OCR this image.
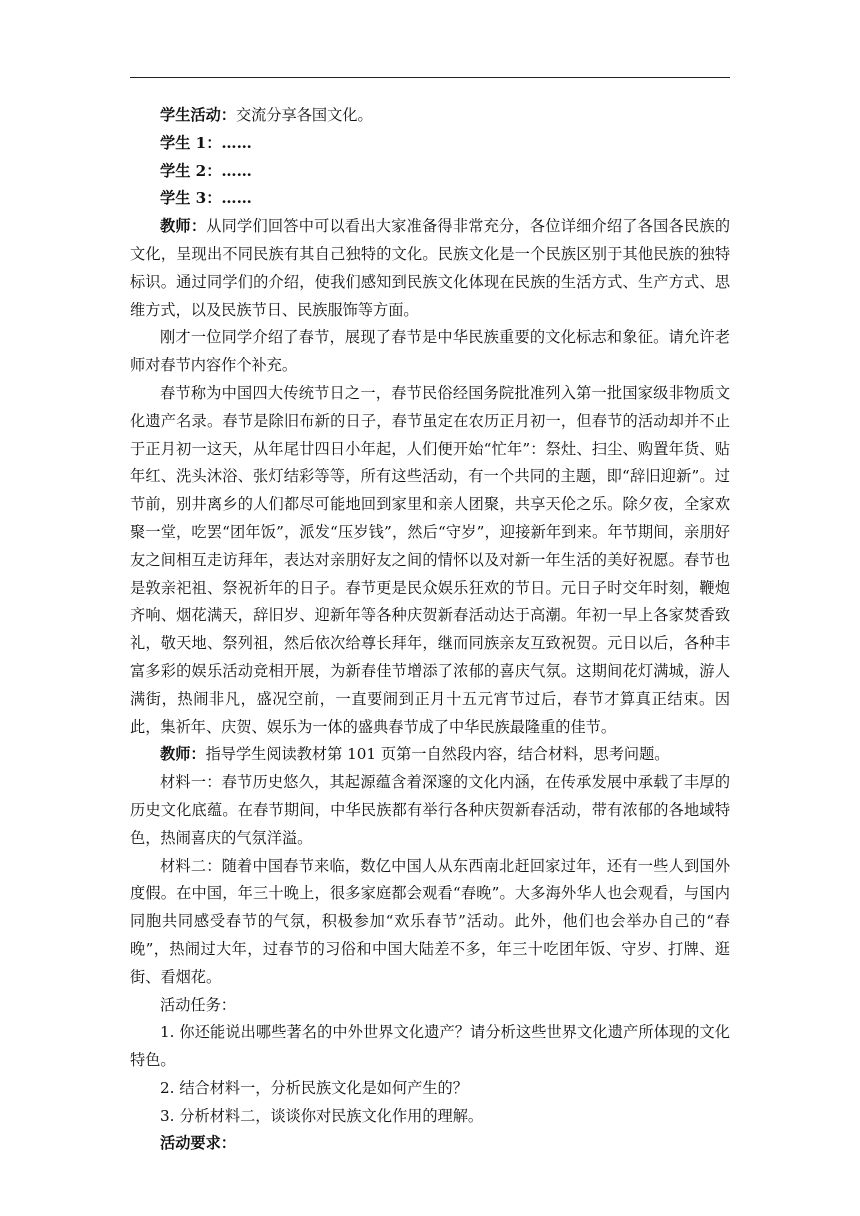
学生活动：交流分享各国文化。

学生 1：……

学生 2：……

学生 3：……

教师：从同学们回答中可以看出大家准备得非常充分，各位详细介绍了各国各民族的文化，呈现出不同民族有其自己独特的文化。民族文化是一个民族区别于其他民族的独特标识。通过同学们的介绍，使我们感知到民族文化体现在民族的生活方式、生产方式、思维方式，以及民族节日、民族服饰等方面。

刚才一位同学介绍了春节，展现了春节是中华民族重要的文化标志和象征。请允许老师对春节内容作个补充。

春节称为中国四大传统节日之一，春节民俗经国务院批准列入第一批国家级非物质文化遗产名录。春节是除旧布新的日子，春节虽定在农历正月初一，但春节的活动却并不止于正月初一这天，从年尾廿四日小年起，人们便开始“忙年”：祭灶、扫尘、购置年货、贴年红、洗头沐浴、张灯结彩等等，所有这些活动，有一个共同的主题，即“辞旧迎新”。过节前，别井离乡的人们都尽可能地回到家里和亲人团聚，共享天伦之乐。除夕夜，全家欢聚一堂，吃罢“团年饭”，派发“压岁钱”，然后“守岁”，迎接新年到来。年节期间，亲朋好友之间相互走访拜年，表达对亲朋好友之间的情怀以及对新一年生活的美好祝愿。春节也是敦亲祀祖、祭祝祈年的日子。春节更是民众娱乐狂欢的节日。元日子时交年时刻，鞭炮齐响、烟花满天，辞旧岁、迎新年等各种庆贺新春活动达于高潮。年初一早上各家焚香致礼，敬天地、祭列祖，然后依次给尊长拜年，继而同族亲友互致祝贺。元日以后，各种丰富多彩的娱乐活动竞相开展，为新春佳节增添了浓郁的喜庆气氛。这期间花灯满城，游人满街，热闹非凡，盛况空前，一直要闹到正月十五元宵节过后，春节才算真正结束。因此，集祈年、庆贺、娱乐为一体的盛典春节成了中华民族最隆重的佳节。

教师：指导学生阅读教材第 101 页第一自然段内容，结合材料，思考问题。

材料一：春节历史悠久，其起源蕴含着深邃的文化内涵，在传承发展中承载了丰厚的历史文化底蕴。在春节期间，中华民族都有举行各种庆贺新春活动，带有浓郁的各地域特色，热闹喜庆的气氛洋溢。

材料二：随着中国春节来临，数亿中国人从东西南北赶回家过年，还有一些人到国外度假。在中国，年三十晚上，很多家庭都会观看“春晚”。大多海外华人也会观看，与国内同胞共同感受春节的气氛，积极参加“欢乐春节”活动。此外，他们也会举办自己的“春晚”，热闹过大年，过春节的习俗和中国大陆差不多，年三十吃团年饭、守岁、打牌、逛街、看烟花。

活动任务：

1. 你还能说出哪些著名的中外世界文化遗产？请分析这些世界文化遗产所体现的文化特色。

2. 结合材料一，分析民族文化是如何产生的？

3. 分析材料二，谈谈你对民族文化作用的理解。

活动要求：
